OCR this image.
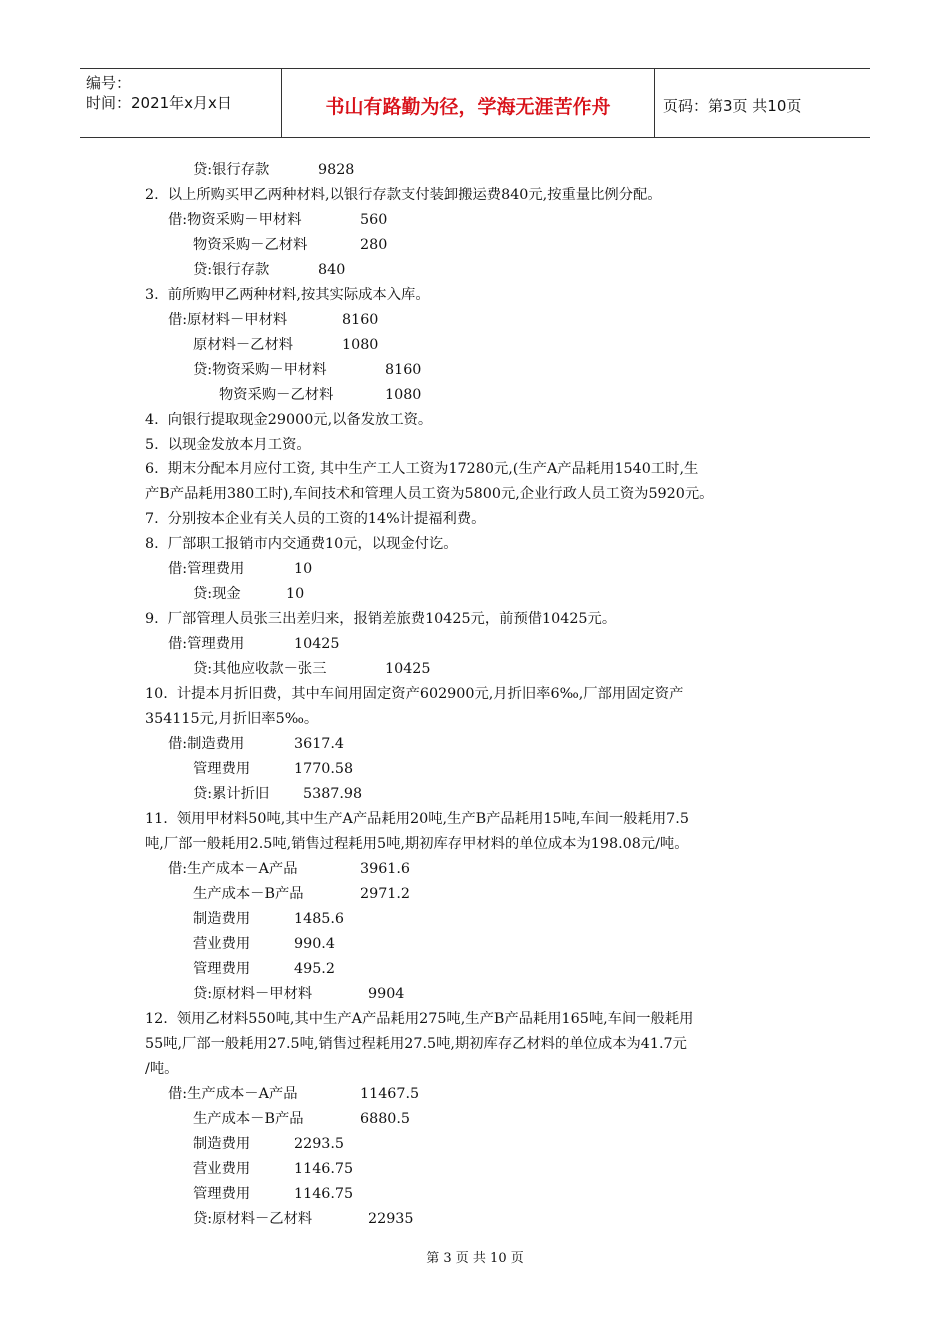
编号：
时间：2021年x月x日	书山有路勤为径，学海无涯苦作舟	页码：第3页 共10页
贷:银行存款	9828
2.  以上所购买甲乙两种材料,以银行存款支付装卸搬运费840元,按重量比例分配。
借:物资采购－甲材料	560
物资采购－乙材料	280
贷:银行存款	840
3.  前所购甲乙两种材料,按其实际成本入库。
借:原材料－甲材料	8160
原材料－乙材料	1080
贷:物资采购－甲材料	8160
物资采购－乙材料	1080
4.  向银行提取现金29000元,以备发放工资。
5.  以现金发放本月工资。
6.  期末分配本月应付工资, 其中生产工人工资为17280元,(生产A产品耗用1540工时,生
产B产品耗用380工时),车间技术和管理人员工资为5800元,企业行政人员工资为5920元。
7.  分别按本企业有关人员的工资的14%计提福利费。
8.  厂部职工报销市内交通费10元，以现金付讫。
借:管理费用	10
贷:现金	10
9.  厂部管理人员张三出差归来，报销差旅费10425元，前预借10425元。
借:管理费用	10425
贷:其他应收款－张三	10425
10.  计提本月折旧费，其中车间用固定资产602900元,月折旧率6‰,厂部用固定资产
354115元,月折旧率5‰。
借:制造费用	3617.4
管理费用	1770.58
贷:累计折旧 5387.98
11.  领用甲材料50吨,其中生产A产品耗用20吨,生产B产品耗用15吨,车间一般耗用7.5
吨,厂部一般耗用2.5吨,销售过程耗用5吨,期初库存甲材料的单位成本为198.08元/吨。
借:生产成本－A产品	3961.6
生产成本－B产品	2971.2
制造费用	1485.6
营业费用	990.4
管理费用	495.2
贷:原材料－甲材料	9904
12.  领用乙材料550吨,其中生产A产品耗用275吨,生产B产品耗用165吨,车间一般耗用
55吨,厂部一般耗用27.5吨,销售过程耗用27.5吨,期初库存乙材料的单位成本为41.7元
/吨。
借:生产成本－A产品	11467.5
生产成本－B产品	6880.5
制造费用	2293.5
营业费用	1146.75
管理费用	1146.75
贷:原材料－乙材料	22935
第 3 页 共 10 页
